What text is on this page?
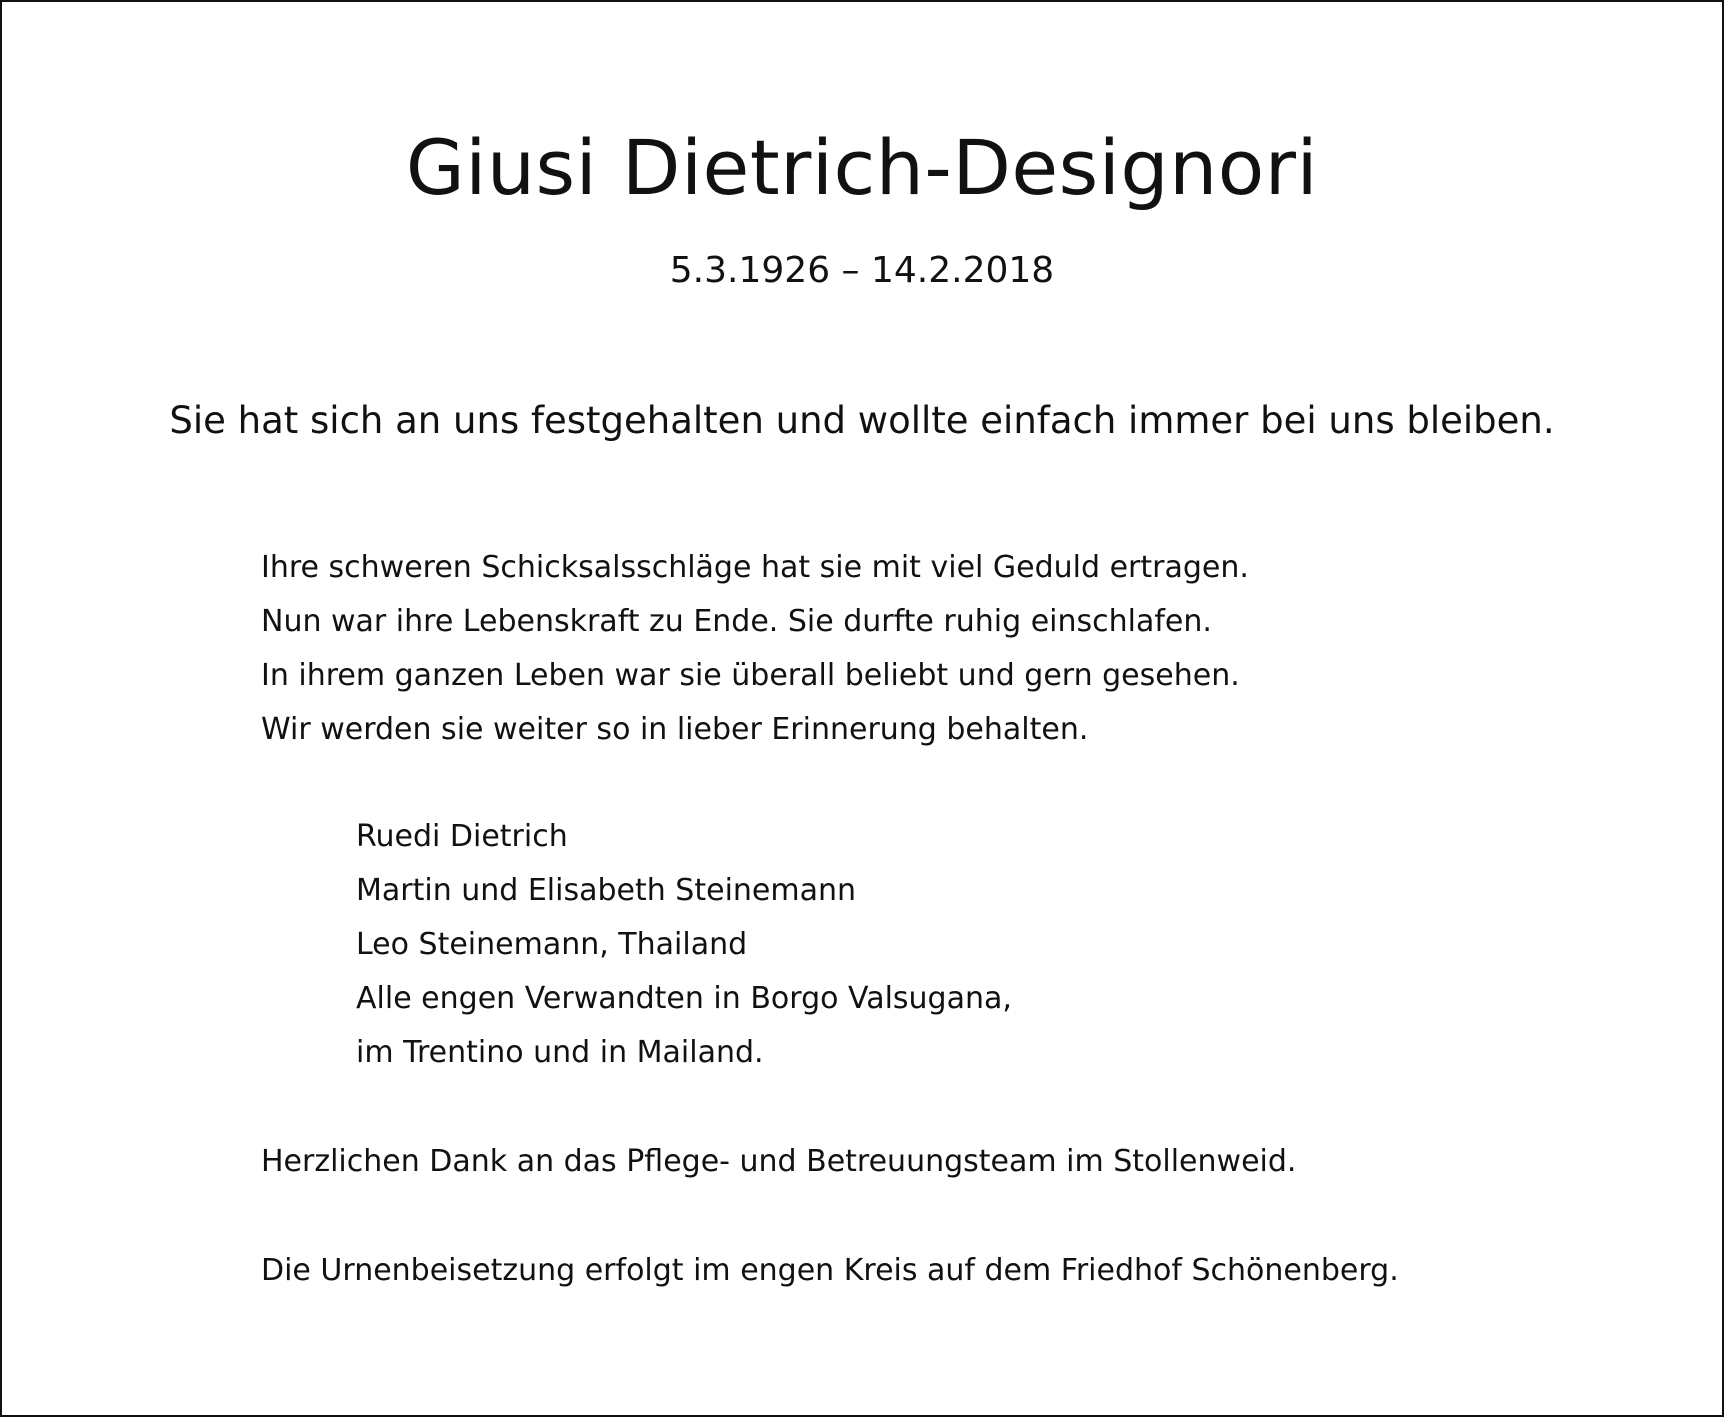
Giusi Dietrich-Designori
5.3.1926 – 14.2.2018
Sie hat sich an uns festgehalten und wollte einfach immer bei uns bleiben.
Ihre schweren Schicksalsschläge hat sie mit viel Geduld ertragen.
Nun war ihre Lebenskraft zu Ende. Sie durfte ruhig einschlafen.
In ihrem ganzen Leben war sie überall beliebt und gern gesehen.
Wir werden sie weiter so in lieber Erinnerung behalten.
Ruedi Dietrich
Martin und Elisabeth Steinemann
Leo Steinemann, Thailand
Alle engen Verwandten in Borgo Valsugana,
im Trentino und in Mailand.
Herzlichen Dank an das Pflege- und Betreuungsteam im Stollenweid.
Die Urnenbeisetzung erfolgt im engen Kreis auf dem Friedhof Schönenberg.
